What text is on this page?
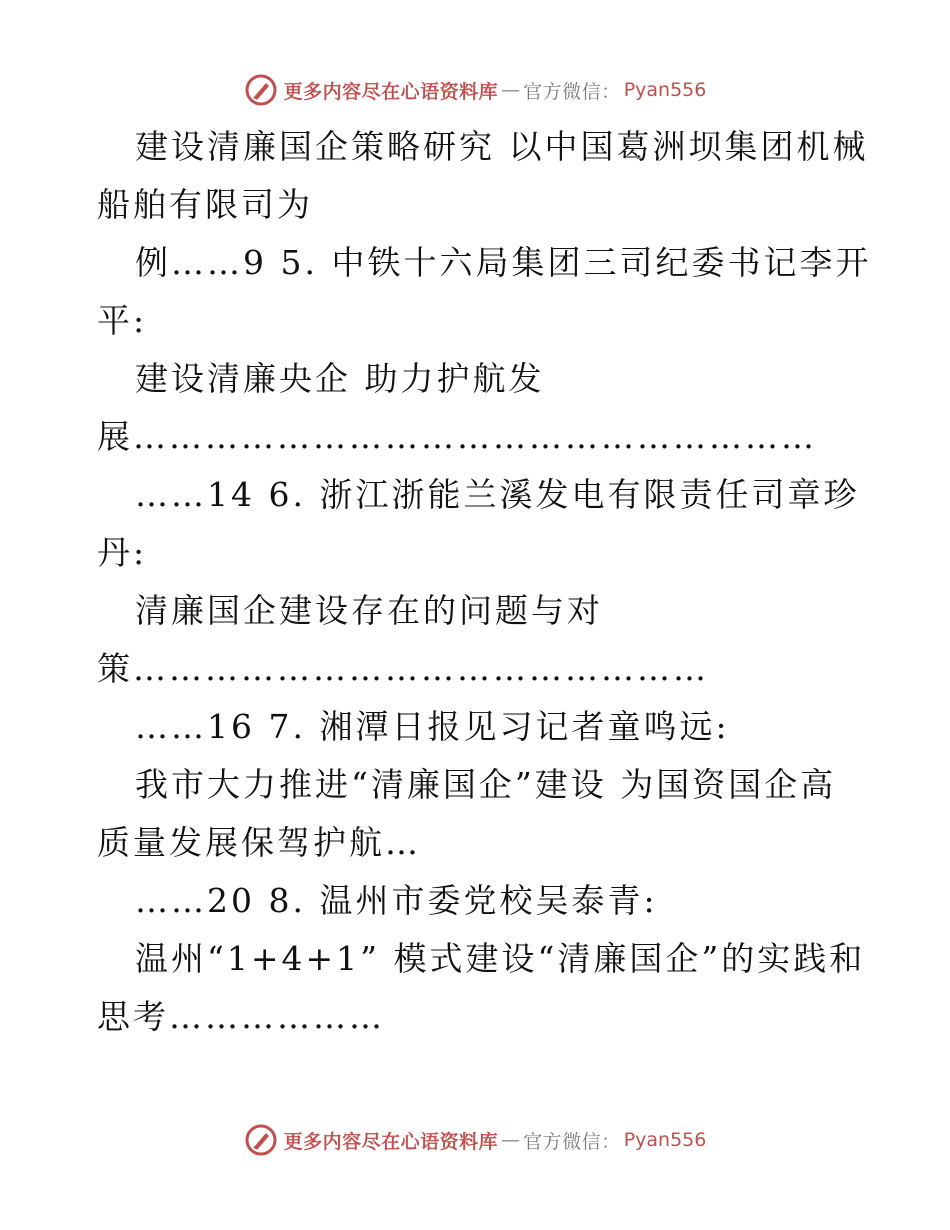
更多内容尽在心语资料库 — 官方微信： Pyan556
建设清廉国企策略研究 以中国葛洲坝集团机械
船舶有限司为
例……9 5. 中铁十六局集团三司纪委书记李开
平:
建设清廉央企 助力护航发
展…………………………………………………
……14 6. 浙江浙能兰溪发电有限责任司章珍
丹:
清廉国企建设存在的问题与对
策…………………………………………
……16 7. 湘潭日报见习记者童鸣远:
我市大力推进“清廉国企”建设 为国资国企高
质量发展保驾护航…
……20 8. 温州市委党校吴泰青:
温州“1+4+1” 模式建设“清廉国企”的实践和
思考………………
更多内容尽在心语资料库 — 官方微信： Pyan556
